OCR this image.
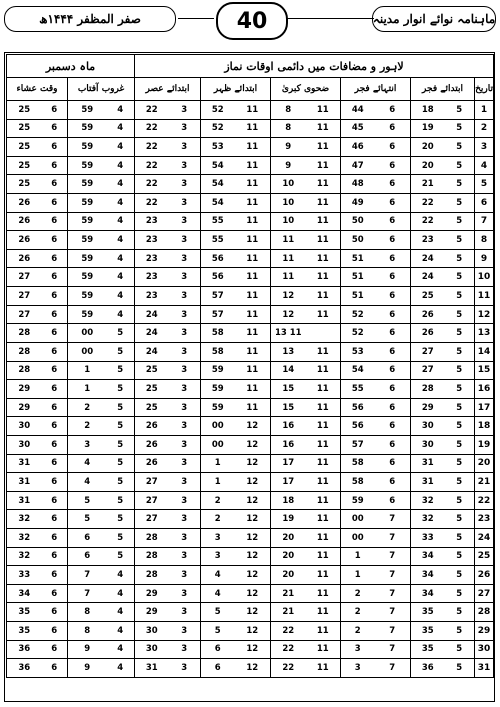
صفر المظفر ۱۴۴۴ھ	40	ماہنامہ نوائے انوار مدینہ
ماہ دسمبر				لاہور و مضافات میں دائمی اوقات نماز										
وقت عشاء		غروب آفتاب		ابتدائے عصر		ابتدائے ظہر		ضحوی کبریٰ		انتہائے فجر		ابتدائے فجر		تاریخ
25	6	59	4	22	3	52	11	8	11	44	6	18	5	1
25	6	59	4	22	3	52	11	8	11	45	6	19	5	2
25	6	59	4	22	3	53	11	9	11	46	6	20	5	3
25	6	59	4	22	3	54	11	9	11	47	6	20	5	4
25	6	59	4	22	3	54	11	10	11	48	6	21	5	5
26	6	59	4	22	3	54	11	10	11	49	6	22	5	6
26	6	59	4	23	3	55	11	10	11	50	6	22	5	7
26	6	59	4	23	3	55	11	11	11	50	6	23	5	8
26	6	59	4	23	3	56	11	11	11	51	6	24	5	9
27	6	59	4	23	3	56	11	11	11	51	6	24	5	10
27	6	59	4	23	3	57	11	12	11	51	6	25	5	11
27	6	59	4	24	3	57	11	12	11	52	6	26	5	12
28	6	00	5	24	3	58	11	13 11		52	6	26	5	13
28	6	00	5	24	3	58	11	13	11	53	6	27	5	14
28	6	1	5	25	3	59	11	14	11	54	6	27	5	15
29	6	1	5	25	3	59	11	15	11	55	6	28	5	16
29	6	2	5	25	3	59	11	15	11	56	6	29	5	17
30	6	2	5	26	3	00	12	16	11	56	6	30	5	18
30	6	3	5	26	3	00	12	16	11	57	6	30	5	19
31	6	4	5	26	3	1	12	17	11	58	6	31	5	20
31	6	4	5	27	3	1	12	17	11	58	6	31	5	21
31	6	5	5	27	3	2	12	18	11	59	6	32	5	22
32	6	5	5	27	3	2	12	19	11	00	7	32	5	23
32	6	6	5	28	3	3	12	20	11	00	7	33	5	24
32	6	6	5	28	3	3	12	20	11	1	7	34	5	25
33	6	7	4	28	3	4	12	20	11	1	7	34	5	26
34	6	7	4	29	3	4	12	21	11	2	7	34	5	27
35	6	8	4	29	3	5	12	21	11	2	7	35	5	28
35	6	8	4	30	3	5	12	22	11	2	7	35	5	29
36	6	9	4	30	3	6	12	22	11	3	7	35	5	30
36	6	9	4	31	3	6	12	22	11	3	7	36	5	31
